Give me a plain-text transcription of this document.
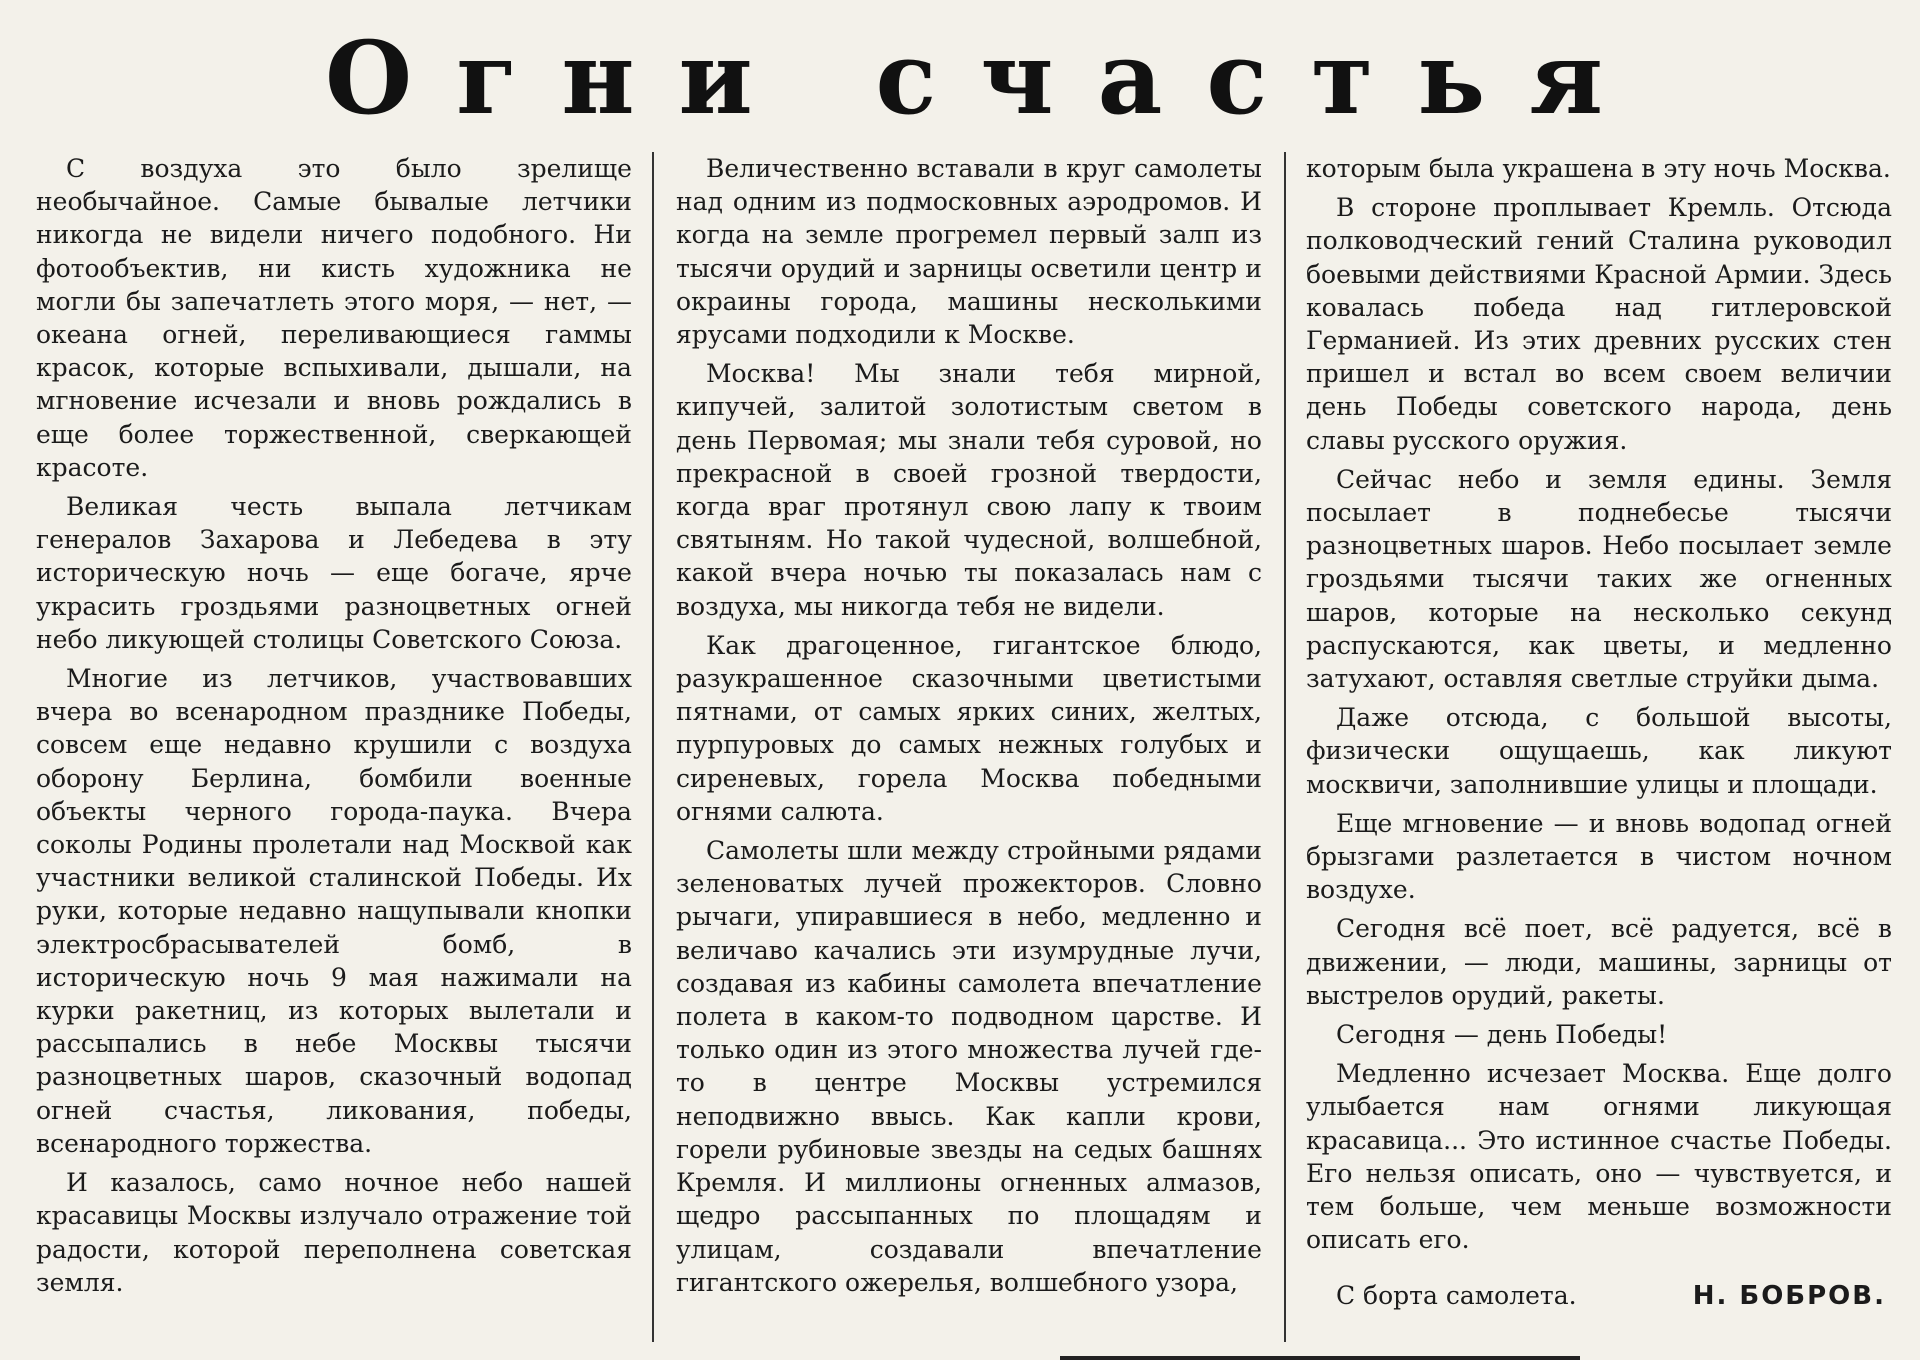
Огни счастья

С воздуха это было зрелище необычайное. Самые бывалые летчики никогда не видели ничего подобного. Ни фотообъектив, ни кисть художника не могли бы запечатлеть этого моря, — нет, — океана огней, переливающиеся гаммы красок, которые вспыхивали, дышали, на мгновение исчезали и вновь рождались в еще более торжественной, сверкающей красоте.

Великая честь выпала летчикам генералов Захарова и Лебедева в эту историческую ночь — еще богаче, ярче украсить гроздьями разноцветных огней небо ликующей столицы Советского Союза.

Многие из летчиков, участвовавших вчера во всенародном празднике Победы, совсем еще недавно крушили с воздуха оборону Берлина, бомбили военные объекты черного города-паука. Вчера соколы Родины пролетали над Москвой как участники великой сталинской Победы. Их руки, которые недавно нащупывали кнопки электросбрасывателей бомб, в историческую ночь 9 мая нажимали на курки ракетниц, из которых вылетали и рассыпались в небе Москвы тысячи разноцветных шаров, сказочный водопад огней счастья, ликования, победы, всенародного торжества.

И казалось, само ночное небо нашей красавицы Москвы излучало отражение той радости, которой переполнена советская земля.

Величественно вставали в круг самолеты над одним из подмосковных аэродромов. И когда на земле прогремел первый залп из тысячи орудий и зарницы осветили центр и окраины города, машины несколькими ярусами подходили к Москве.

Москва! Мы знали тебя мирной, кипучей, залитой золотистым светом в день Первомая; мы знали тебя суровой, но прекрасной в своей грозной твердости, когда враг протянул свою лапу к твоим святыням. Но такой чудесной, волшебной, какой вчера ночью ты показалась нам с воздуха, мы никогда тебя не видели.

Как драгоценное, гигантское блюдо, разукрашенное сказочными цветистыми пятнами, от самых ярких синих, желтых, пурпуровых до самых нежных голубых и сиреневых, горела Москва победными огнями салюта.

Самолеты шли между стройными рядами зеленоватых лучей прожекторов. Словно рычаги, упиравшиеся в небо, медленно и величаво качались эти изумрудные лучи, создавая из кабины самолета впечатление полета в каком-то подводном царстве. И только один из этого множества лучей где-то в центре Москвы устремился неподвижно ввысь. Как капли крови, горели рубиновые звезды на седых башнях Кремля. И миллионы огненных алмазов, щедро рассыпанных по площадям и улицам, создавали впечатление гигантского ожерелья, волшебного узора,

которым была украшена в эту ночь Москва.

В стороне проплывает Кремль. Отсюда полководческий гений Сталина руководил боевыми действиями Красной Армии. Здесь ковалась победа над гитлеровской Германией. Из этих древних русских стен пришел и встал во всем своем величии день Победы советского народа, день славы русского оружия.

Сейчас небо и земля едины. Земля посылает в поднебесье тысячи разноцветных шаров. Небо посылает земле гроздьями тысячи таких же огненных шаров, которые на несколько секунд распускаются, как цветы, и медленно затухают, оставляя светлые струйки дыма.

Даже отсюда, с большой высоты, физически ощущаешь, как ликуют москвичи, заполнившие улицы и площади.

Еще мгновение — и вновь водопад огней брызгами разлетается в чистом ночном воздухе.

Сегодня всё поет, всё радуется, всё в движении, — люди, машины, зарницы от выстрелов орудий, ракеты.

Сегодня — день Победы!

Медленно исчезает Москва. Еще долго улыбается нам огнями ликующая красавица... Это истинное счастье Победы. Его нельзя описать, оно — чувствуется, и тем больше, чем меньше возможности описать его.

С борта самолета.	Н. БОБРОВ.
